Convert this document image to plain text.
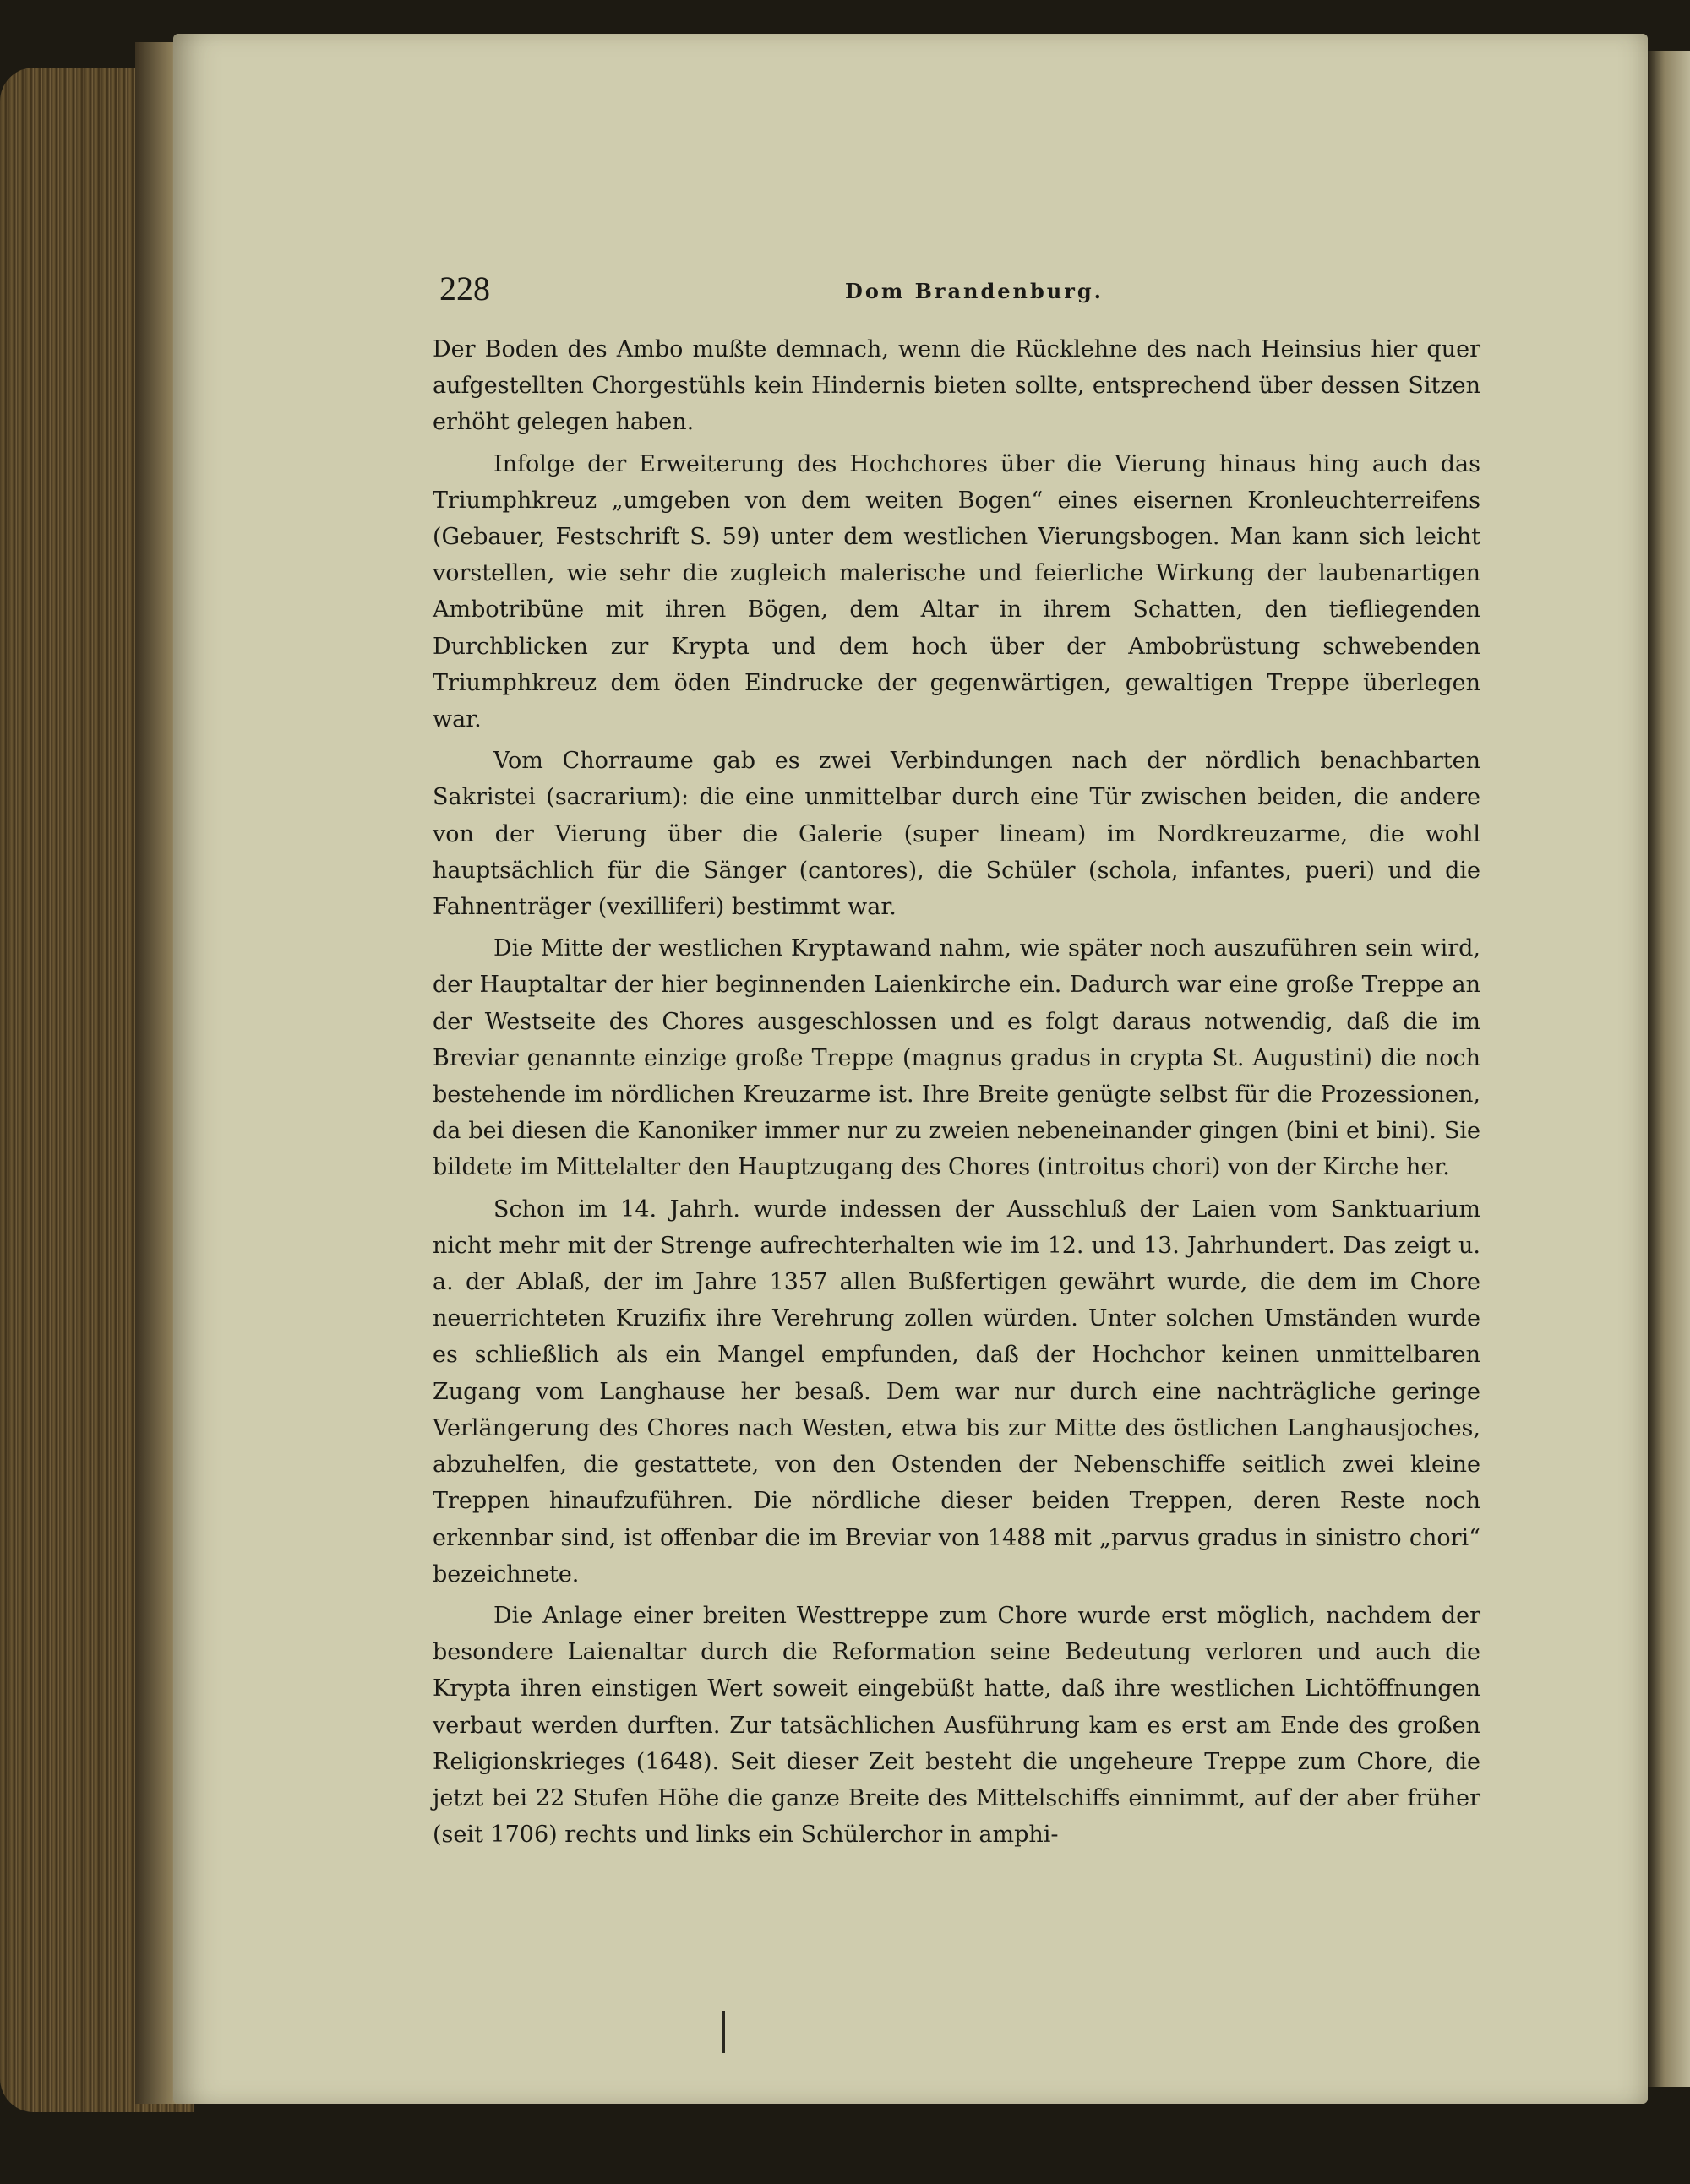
228	Dom Brandenburg.

Der Boden des Ambo mußte demnach, wenn die Rücklehne des nach Heinsius hier quer aufgestellten Chorgestühls kein Hindernis bieten sollte, entsprechend über dessen Sitzen erhöht gelegen haben.

Infolge der Erweiterung des Hochchores über die Vierung hinaus hing auch das Triumphkreuz „umgeben von dem weiten Bogen“ eines eisernen Kronleuchterreifens (Gebauer, Festschrift S. 59) unter dem westlichen Vierungsbogen. Man kann sich leicht vorstellen, wie sehr die zugleich malerische und feierliche Wirkung der laubenartigen Ambotribüne mit ihren Bögen, dem Altar in ihrem Schatten, den tiefliegenden Durchblicken zur Krypta und dem hoch über der Ambobrüstung schwebenden Triumphkreuz dem öden Eindrucke der gegenwärtigen, gewaltigen Treppe überlegen war.

Vom Chorraume gab es zwei Verbindungen nach der nördlich benachbarten Sakristei (sacrarium): die eine unmittelbar durch eine Tür zwischen beiden, die andere von der Vierung über die Galerie (super lineam) im Nordkreuzarme, die wohl hauptsächlich für die Sänger (cantores), die Schüler (schola, infantes, pueri) und die Fahnenträger (vexilliferi) bestimmt war.

Die Mitte der westlichen Kryptawand nahm, wie später noch auszuführen sein wird, der Hauptaltar der hier beginnenden Laienkirche ein. Dadurch war eine große Treppe an der Westseite des Chores ausgeschlossen und es folgt daraus notwendig, daß die im Breviar genannte einzige große Treppe (magnus gradus in crypta St. Augustini) die noch bestehende im nördlichen Kreuzarme ist. Ihre Breite genügte selbst für die Prozessionen, da bei diesen die Kanoniker immer nur zu zweien nebeneinander gingen (bini et bini). Sie bildete im Mittelalter den Hauptzugang des Chores (introitus chori) von der Kirche her.

Schon im 14. Jahrh. wurde indessen der Ausschluß der Laien vom Sanktuarium nicht mehr mit der Strenge aufrechterhalten wie im 12. und 13. Jahrhundert. Das zeigt u. a. der Ablaß, der im Jahre 1357 allen Bußfertigen gewährt wurde, die dem im Chore neuerrichteten Kruzifix ihre Verehrung zollen würden. Unter solchen Umständen wurde es schließlich als ein Mangel empfunden, daß der Hochchor keinen unmittelbaren Zugang vom Langhause her besaß. Dem war nur durch eine nachträgliche geringe Verlängerung des Chores nach Westen, etwa bis zur Mitte des östlichen Langhausjoches, abzuhelfen, die gestattete, von den Ostenden der Nebenschiffe seitlich zwei kleine Treppen hinaufzuführen. Die nördliche dieser beiden Treppen, deren Reste noch erkennbar sind, ist offenbar die im Breviar von 1488 mit „parvus gradus in sinistro chori“ bezeichnete.

Die Anlage einer breiten Westtreppe zum Chore wurde erst möglich, nachdem der besondere Laienaltar durch die Reformation seine Bedeutung verloren und auch die Krypta ihren einstigen Wert soweit eingebüßt hatte, daß ihre westlichen Lichtöffnungen verbaut werden durften. Zur tatsächlichen Ausführung kam es erst am Ende des großen Religionskrieges (1648). Seit dieser Zeit besteht die ungeheure Treppe zum Chore, die jetzt bei 22 Stufen Höhe die ganze Breite des Mittelschiffs einnimmt, auf der aber früher (seit 1706) rechts und links ein Schülerchor in amphi-
